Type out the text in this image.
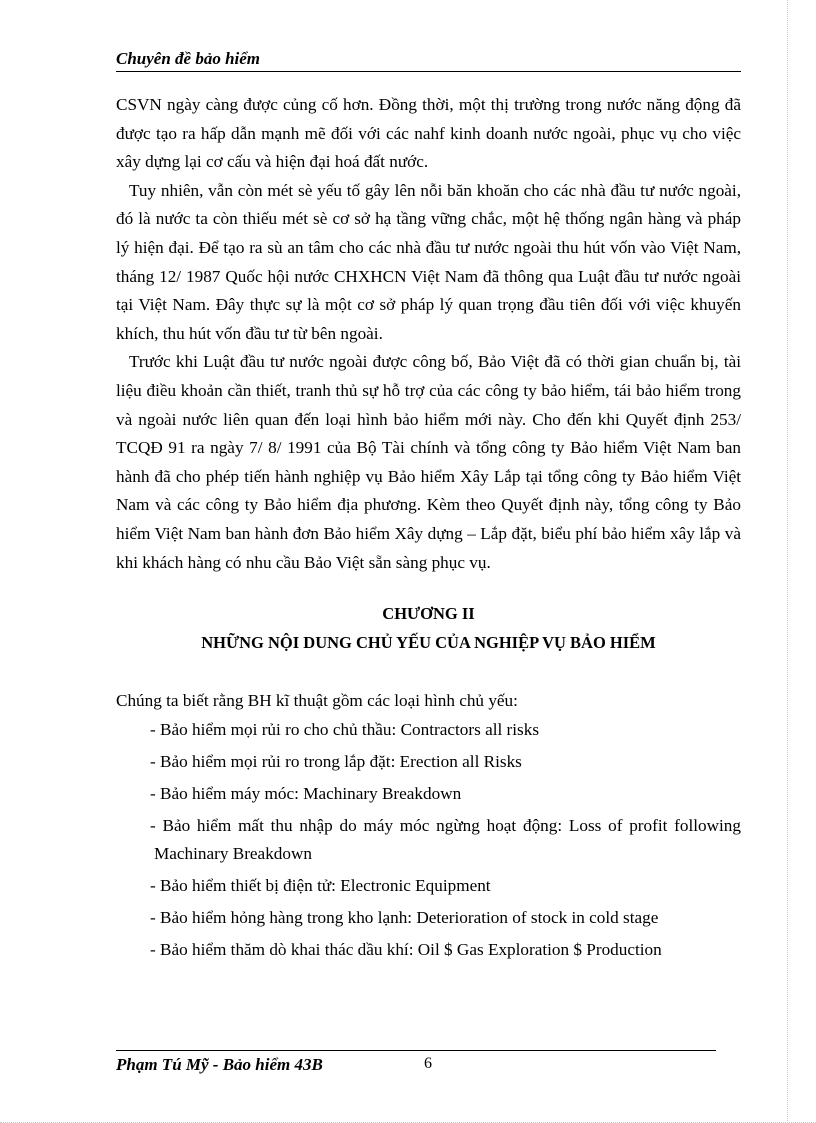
Chuyên đề bảo hiểm

CSVN ngày càng được củng cố hơn. Đồng thời, một thị trường trong nước năng động đã được tạo ra hấp dẫn mạnh mẽ đối với các nahf kinh doanh nước ngoài, phục vụ cho việc xây dựng lại cơ cấu và hiện đại hoá đất nước.

Tuy nhiên, vẫn còn mét sè yếu tố gây lên nỗi băn khoăn cho các nhà đầu tư nước ngoài, đó là nước ta còn thiếu mét sè cơ sở hạ tầng vững chắc, một hệ thống ngân hàng và pháp lý hiện đại. Để tạo ra sù an tâm cho các nhà đầu tư nước ngoài thu hút vốn vào Việt Nam, tháng 12/ 1987 Quốc hội nước CHXHCN Việt Nam đã thông qua Luật đầu tư nước ngoài tại Việt Nam. Đây thực sự là một cơ sở pháp lý quan trọng đầu tiên đối với việc khuyến khích, thu hút vốn đầu tư từ bên ngoài.

Trước khi Luật đầu tư nước ngoài được công bố, Bảo Việt đã có thời gian chuẩn bị, tài liệu điều khoản cần thiết, tranh thủ sự hỗ trợ của các công ty bảo hiểm, tái bảo hiểm trong và ngoài nước liên quan đến loại hình bảo hiểm mới này. Cho đến khi Quyết định 253/ TCQĐ 91 ra ngày 7/ 8/ 1991 của Bộ Tài chính và tổng công ty Bảo hiểm Việt Nam ban hành đã cho phép tiến hành nghiệp vụ Bảo hiểm Xây Lắp tại tổng công ty Bảo hiểm Việt Nam và các công ty Bảo hiểm địa phương. Kèm theo Quyết định này, tổng công ty Bảo hiểm Việt Nam ban hành đơn Bảo hiểm Xây dựng – Lắp đặt, biểu phí bảo hiểm xây lắp và khi khách hàng có nhu cầu Bảo Việt sẵn sàng phục vụ.

CHƯƠNG II

NHỮNG NỘI DUNG CHỦ YẾU CỦA NGHIỆP VỤ BẢO HIỂM

Chúng ta biết rằng BH kĩ thuật gồm các loại hình chủ yếu:

- Bảo hiểm mọi rủi ro cho chủ thầu: Contractors all risks
- Bảo hiểm mọi rủi ro trong lắp đặt: Erection all Risks
- Bảo hiểm máy móc: Machinary Breakdown
- Bảo hiểm mất thu nhập do máy móc ngừng hoạt động: Loss of profit following Machinary Breakdown
- Bảo hiểm thiết bị điện tử: Electronic Equipment
- Bảo hiểm hỏng hàng trong kho lạnh: Deterioration of stock in cold stage
- Bảo hiểm thăm dò khai thác dầu khí: Oil $ Gas Exploration $ Production
Phạm Tú Mỹ - Bảo hiểm 43B	6
